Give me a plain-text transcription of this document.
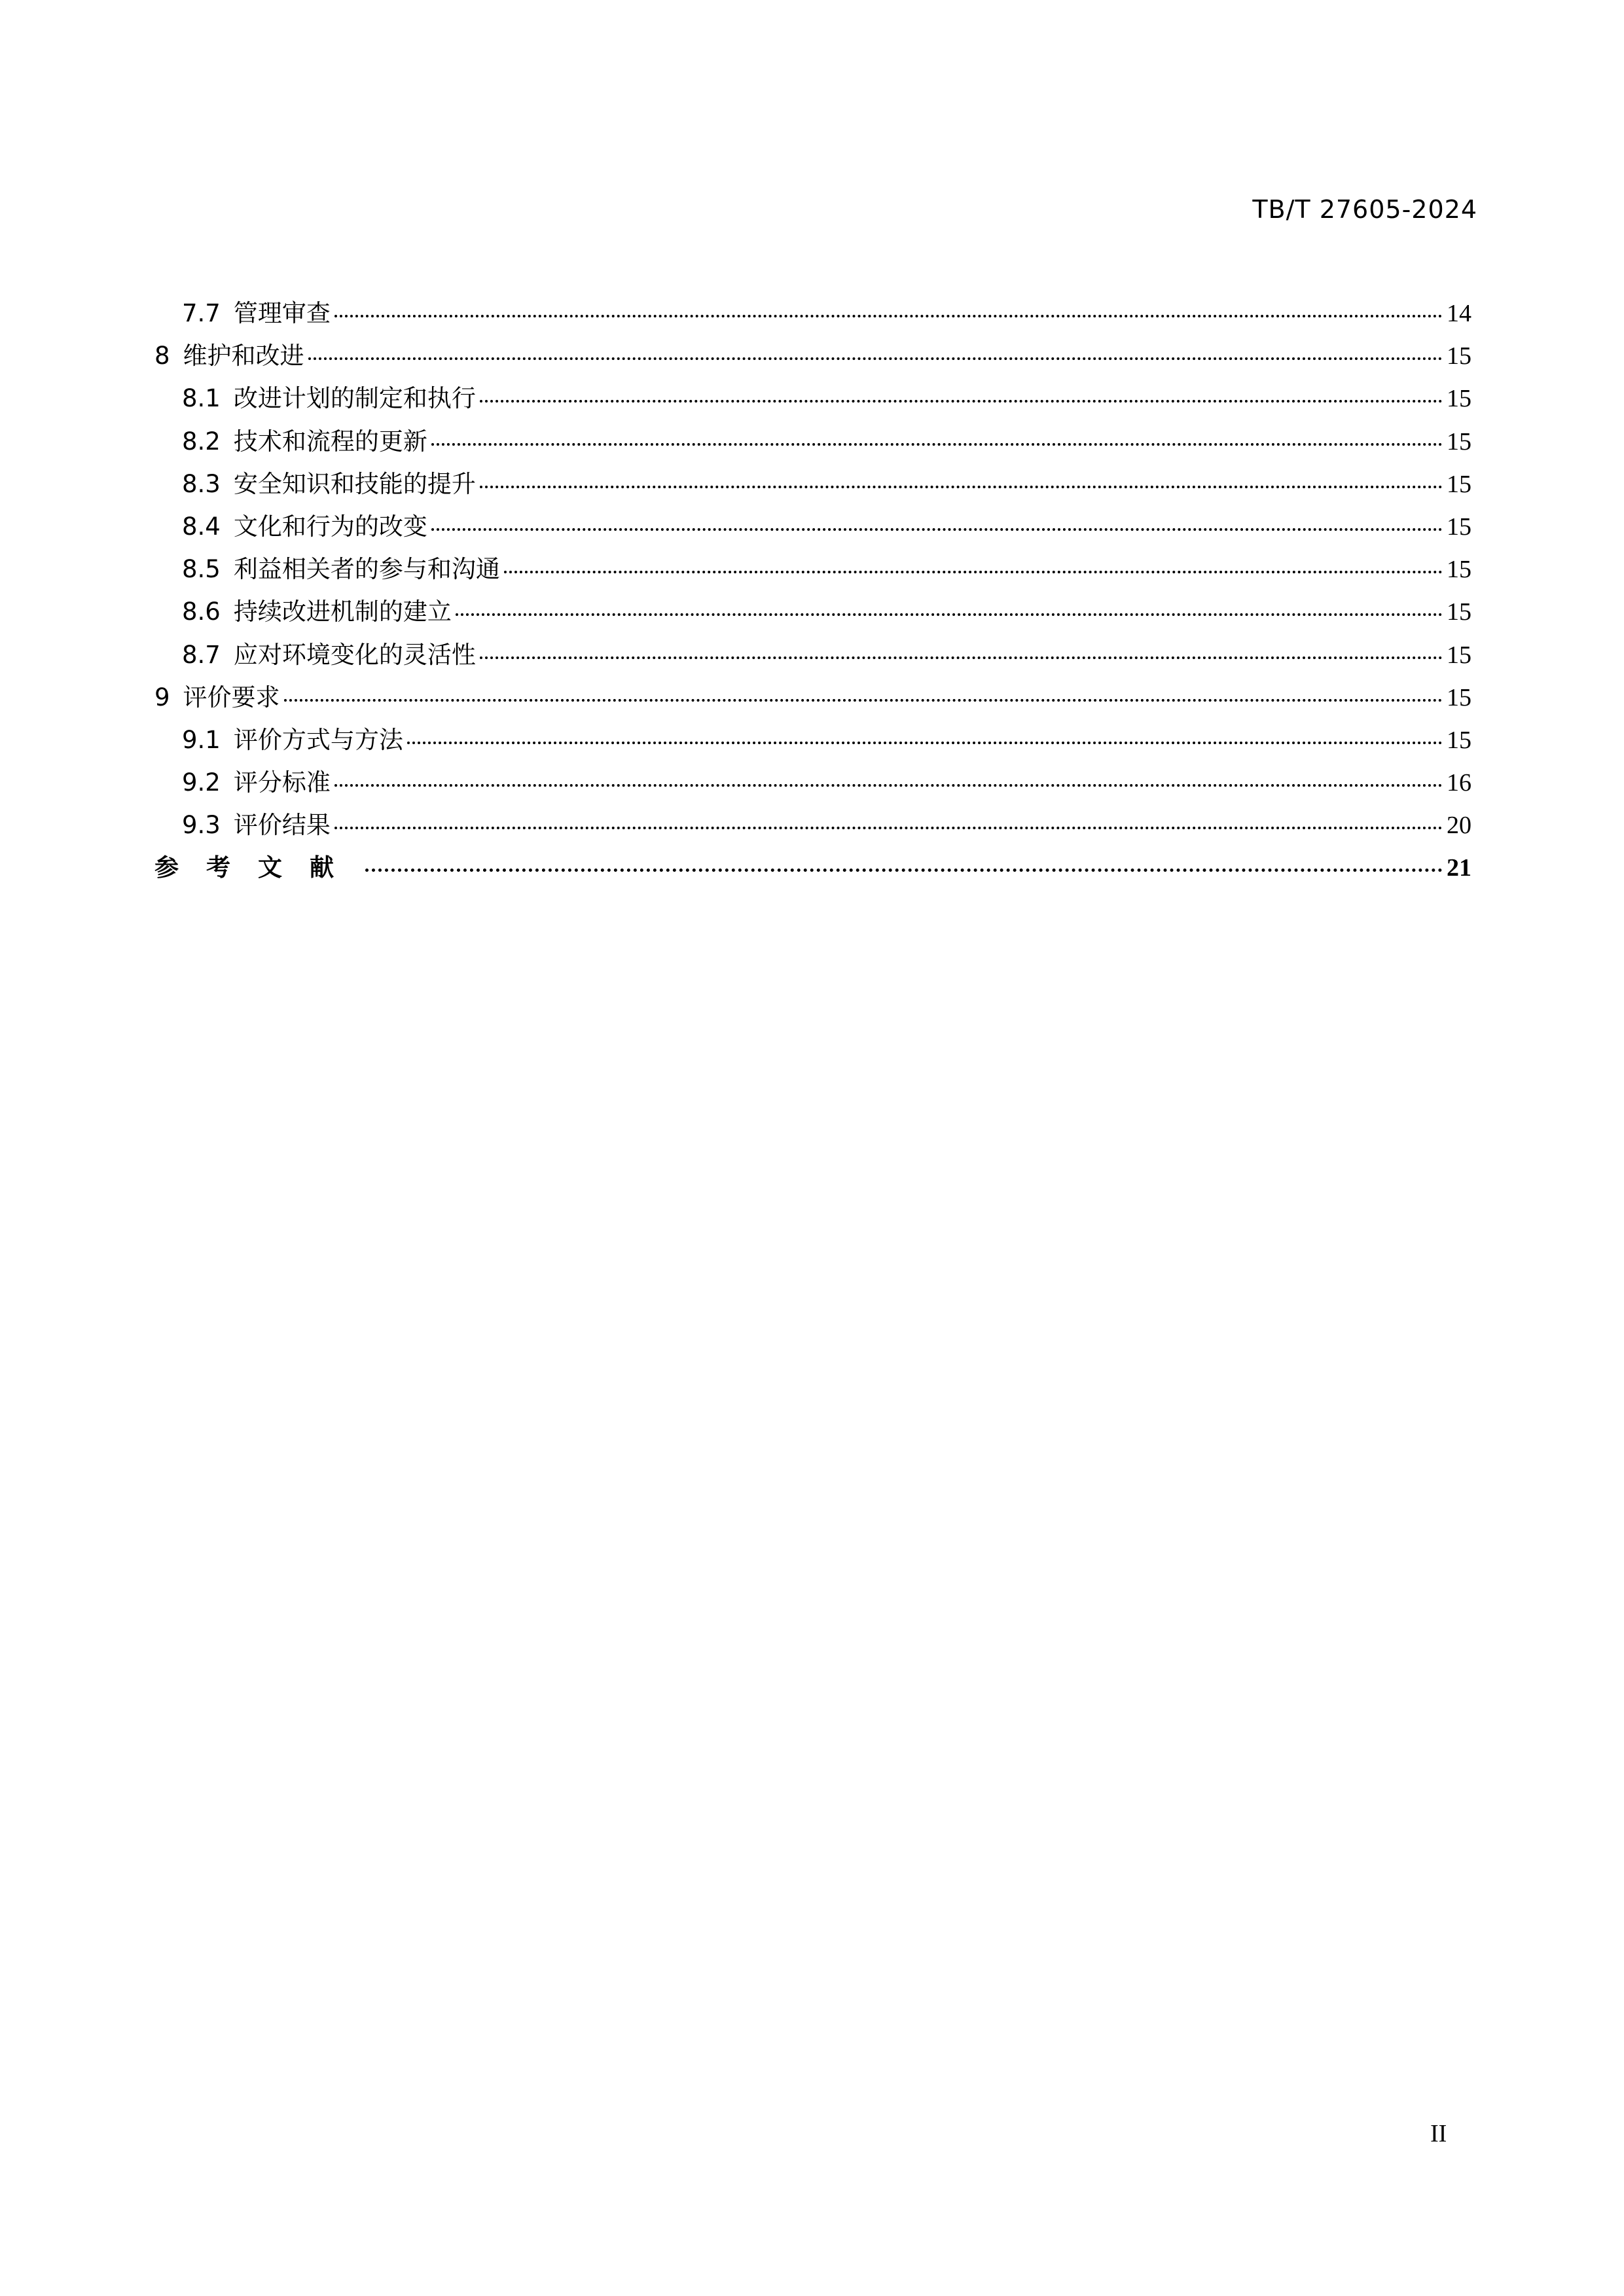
TB/T 27605-2024
7.7 管理审查	14
8 维护和改进	15
8.1 改进计划的制定和执行	15
8.2 技术和流程的更新	15
8.3 安全知识和技能的提升	15
8.4 文化和行为的改变	15
8.5 利益相关者的参与和沟通	15
8.6 持续改进机制的建立	15
8.7 应对环境变化的灵活性	15
9 评价要求	15
9.1 评价方式与方法	15
9.2 评分标准	16
9.3 评价结果	20
参考文献	21
II
